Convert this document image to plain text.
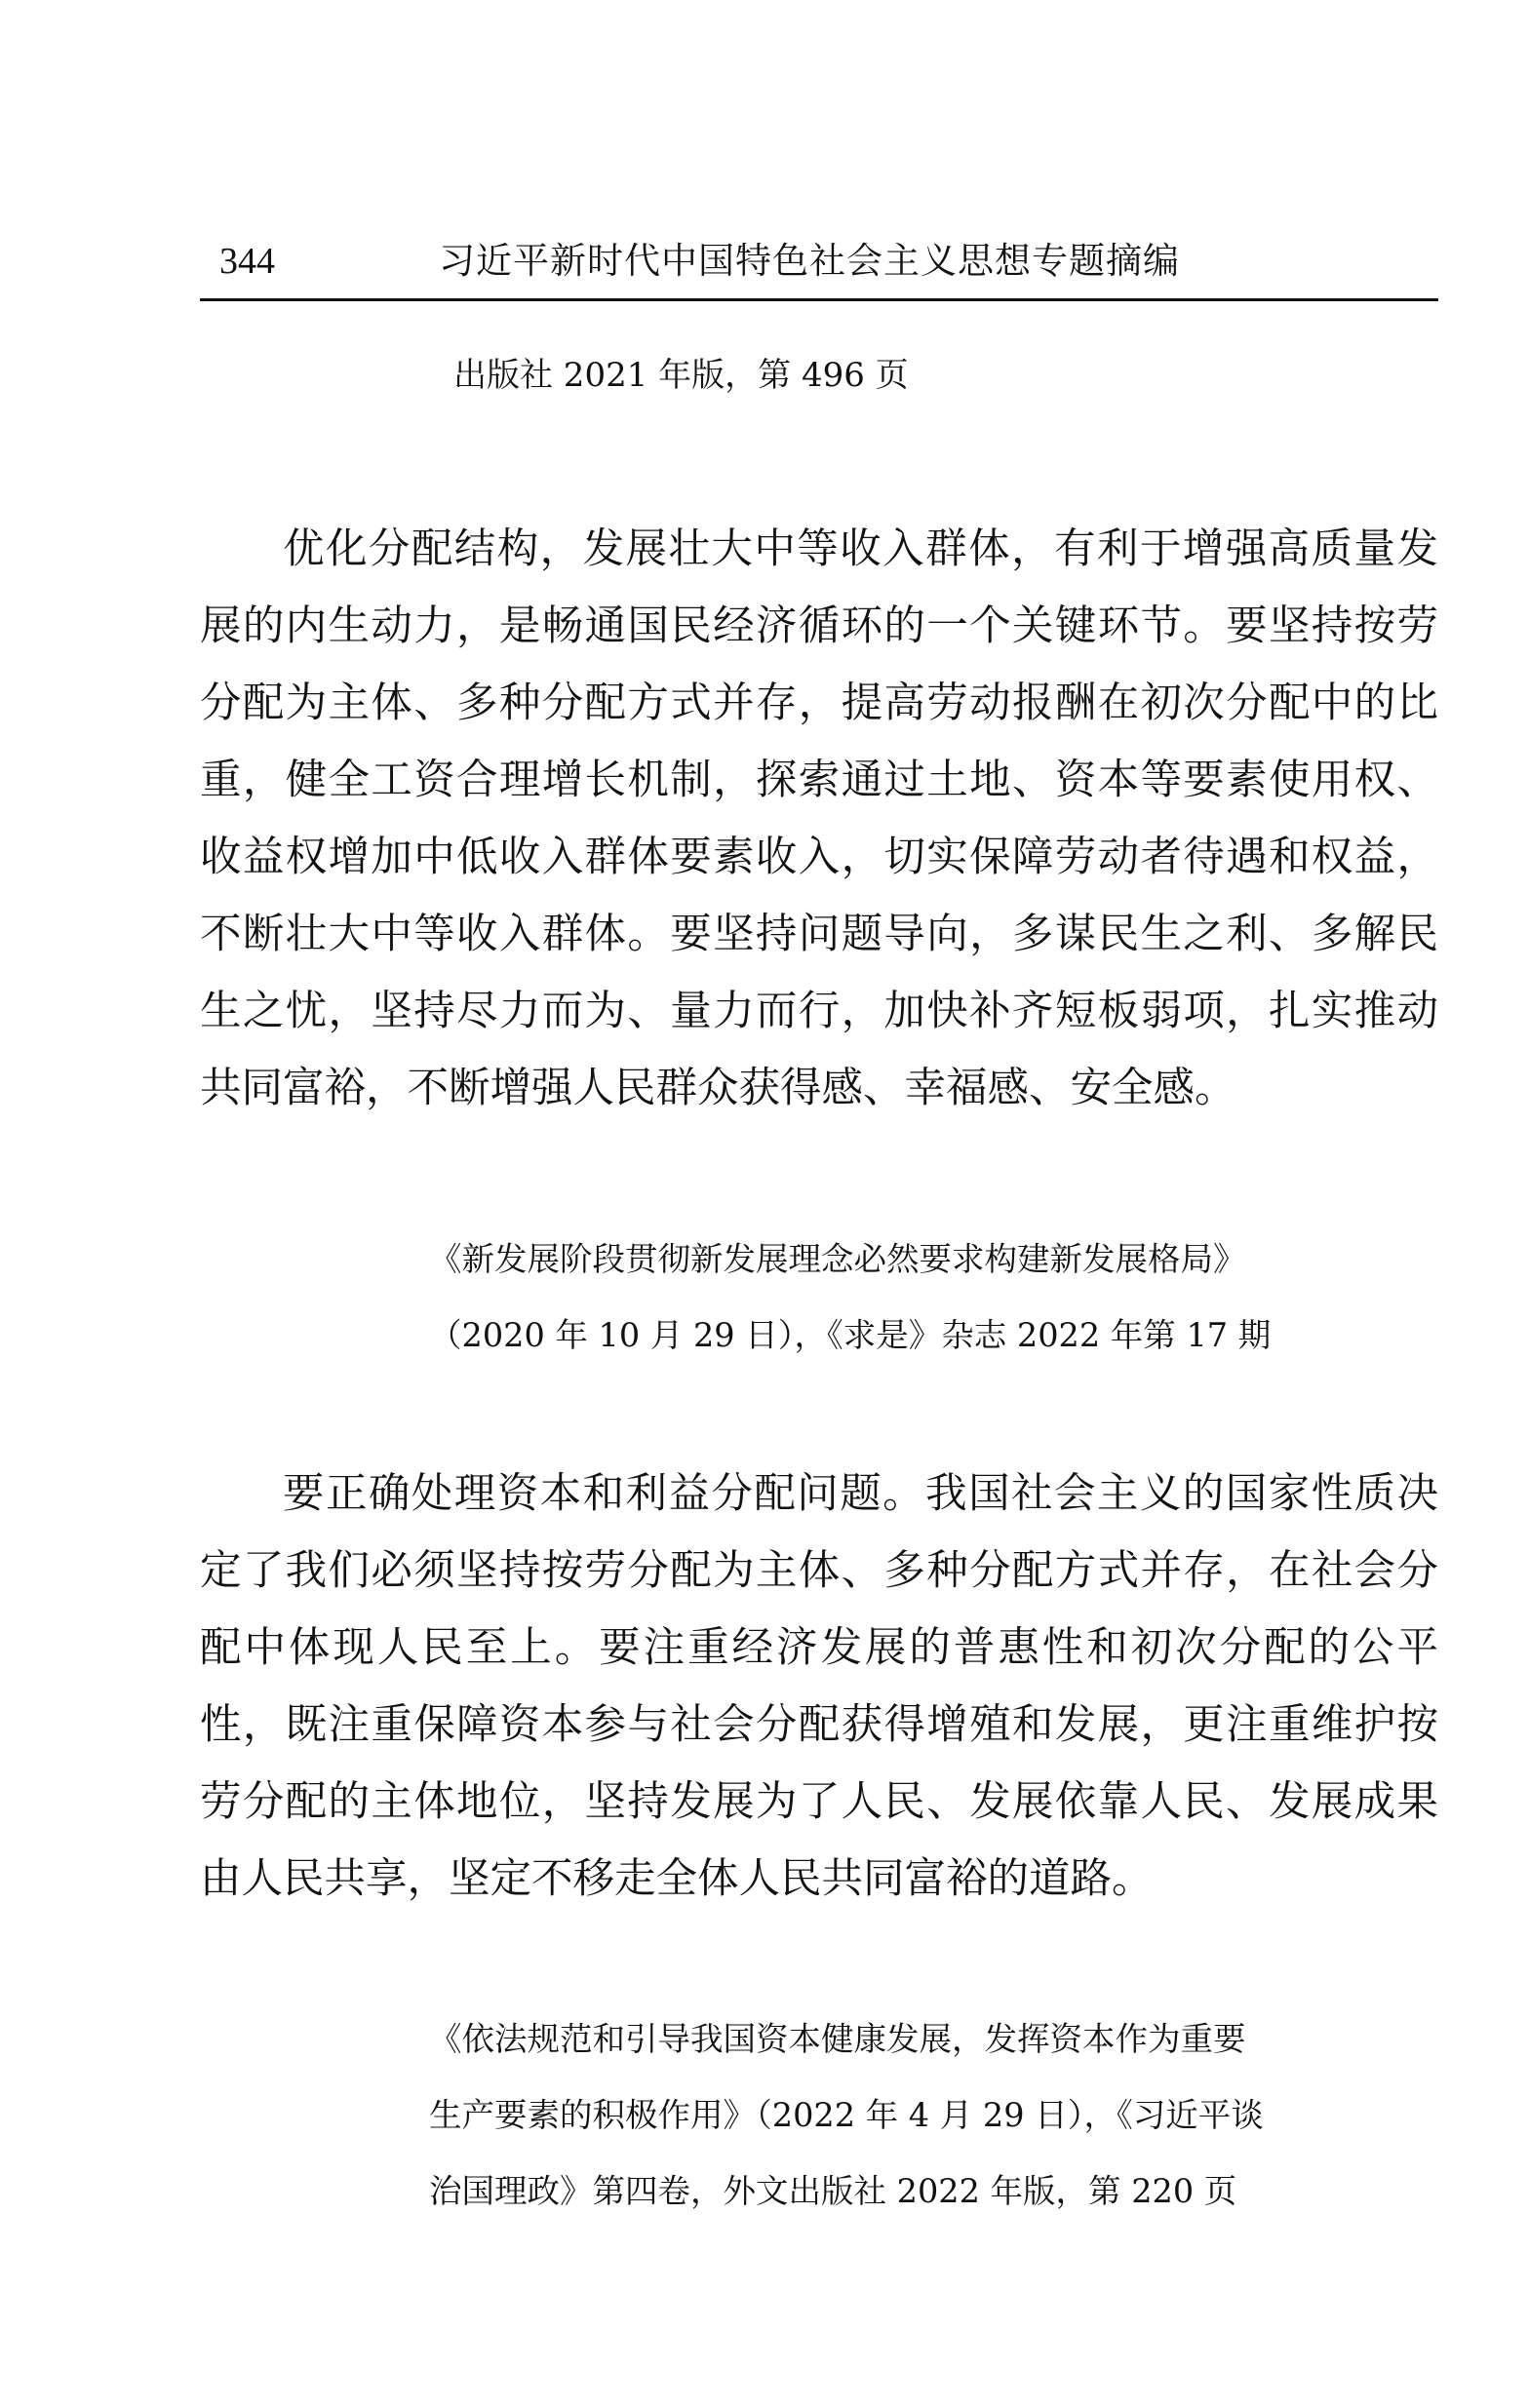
344	习近平新时代中国特色社会主义思想专题摘编
出版社 2021 年版，第 496 页

优化分配结构，发展壮大中等收入群体，有利于增强高质量发展的内生动力，是畅通国民经济循环的一个关键环节。要坚持按劳分配为主体、多种分配方式并存，提高劳动报酬在初次分配中的比重，健全工资合理增长机制，探索通过土地、资本等要素使用权、收益权增加中低收入群体要素收入，切实保障劳动者待遇和权益，不断壮大中等收入群体。要坚持问题导向，多谋民生之利、多解民生之忧，坚持尽力而为、量力而行，加快补齐短板弱项，扎实推动共同富裕，不断增强人民群众获得感、幸福感、安全感。

《新发展阶段贯彻新发展理念必然要求构建新发展格局》
（2020 年 10 月 29 日），《求是》杂志 2022 年第 17 期

要正确处理资本和利益分配问题。我国社会主义的国家性质决定了我们必须坚持按劳分配为主体、多种分配方式并存，在社会分配中体现人民至上。要注重经济发展的普惠性和初次分配的公平性，既注重保障资本参与社会分配获得增殖和发展，更注重维护按劳分配的主体地位，坚持发展为了人民、发展依靠人民、发展成果由人民共享，坚定不移走全体人民共同富裕的道路。

《依法规范和引导我国资本健康发展，发挥资本作为重要
生产要素的积极作用》（2022 年 4 月 29 日），《习近平谈
治国理政》第四卷，外文出版社 2022 年版，第 220 页
